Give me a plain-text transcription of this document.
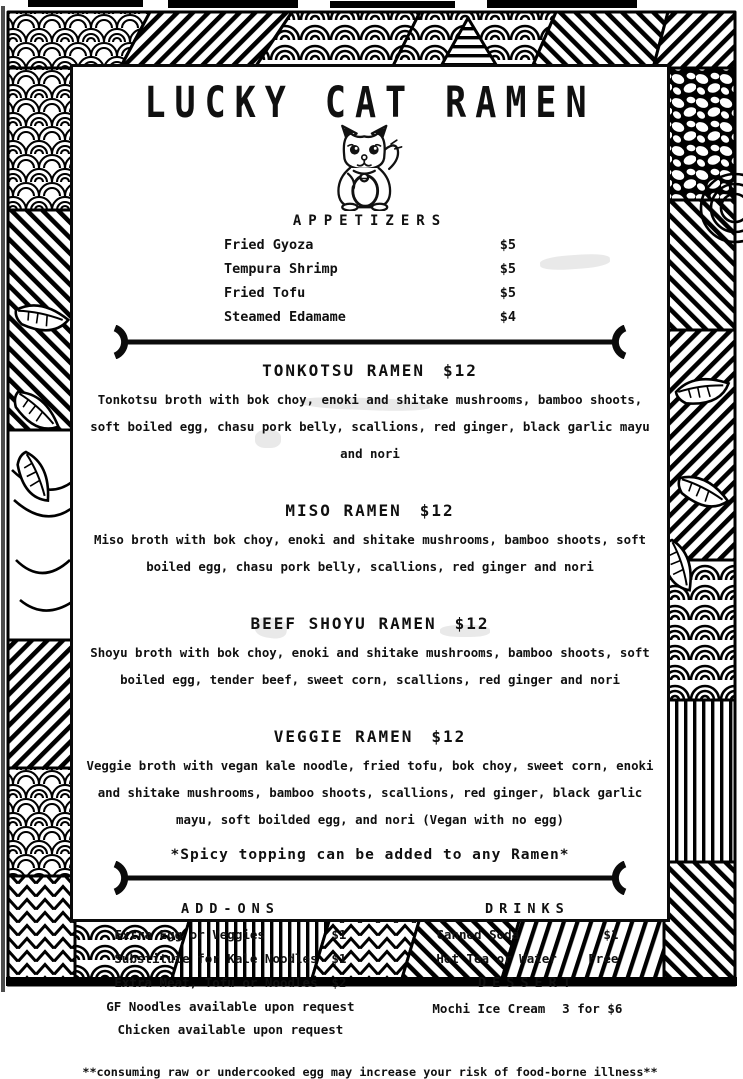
LUCKY CAT RAMEN
APPETIZERS
Fried Gyoza	$5
Tempura Shrimp	$5
Fried Tofu	$5
Steamed Edamame	$4
TONKOTSU RAMEN $12
Tonkotsu broth with bok choy, enoki and shitake mushrooms, bamboo shoots, soft boiled egg, chasu pork belly, scallions, red ginger, black garlic mayu and nori
MISO RAMEN $12
Miso broth with bok choy, enoki and shitake mushrooms, bamboo shoots, soft boiled egg, chasu pork belly, scallions, red ginger and nori
BEEF SHOYU RAMEN $12
Shoyu broth with bok choy, enoki and shitake mushrooms, bamboo shoots, soft boiled egg, tender beef, sweet corn, scallions, red ginger and nori
VEGGIE RAMEN $12
Veggie broth with vegan kale noodle, fried tofu, bok choy, sweet corn, enoki and shitake mushrooms, bamboo shoots, scallions, red ginger, black garlic mayu, soft boilded egg, and nori (Vegan with no egg)
*Spicy topping can be added to any Ramen*
ADD-ONS
Extra Egg or Veggies	$1
Substitute for Kale Noodles $1
Extra Meat, Tofu or Noodles $2
GF Noodles available upon request
Chicken available upon request
DRINKS
Canned Soda	$1
Hot Tea or Water	Free
DESSERT
Mochi Ice Cream 3 for $6
**consuming raw or undercooked egg may increase your risk of food-borne illness**
